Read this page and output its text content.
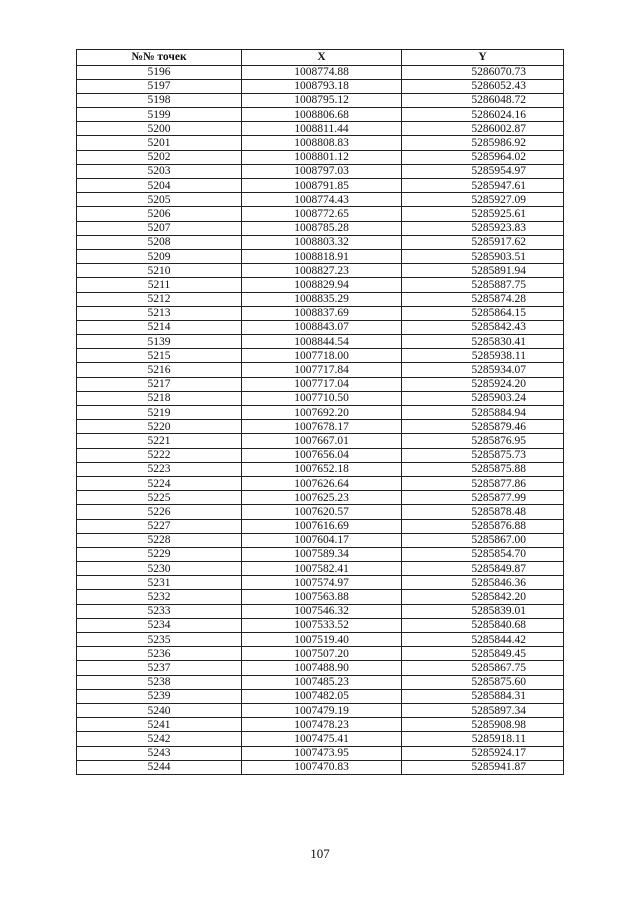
№№ точек	X	Y
5196	1008774.88	5286070.73
5197	1008793.18	5286052.43
5198	1008795.12	5286048.72
5199	1008806.68	5286024.16
5200	1008811.44	5286002.87
5201	1008808.83	5285986.92
5202	1008801.12	5285964.02
5203	1008797.03	5285954.97
5204	1008791.85	5285947.61
5205	1008774.43	5285927.09
5206	1008772.65	5285925.61
5207	1008785.28	5285923.83
5208	1008803.32	5285917.62
5209	1008818.91	5285903.51
5210	1008827.23	5285891.94
5211	1008829.94	5285887.75
5212	1008835.29	5285874.28
5213	1008837.69	5285864.15
5214	1008843.07	5285842.43
5139	1008844.54	5285830.41
5215	1007718.00	5285938.11
5216	1007717.84	5285934.07
5217	1007717.04	5285924.20
5218	1007710.50	5285903.24
5219	1007692.20	5285884.94
5220	1007678.17	5285879.46
5221	1007667.01	5285876.95
5222	1007656.04	5285875.73
5223	1007652.18	5285875.88
5224	1007626.64	5285877.86
5225	1007625.23	5285877.99
5226	1007620.57	5285878.48
5227	1007616.69	5285876.88
5228	1007604.17	5285867.00
5229	1007589.34	5285854.70
5230	1007582.41	5285849.87
5231	1007574.97	5285846.36
5232	1007563.88	5285842.20
5233	1007546.32	5285839.01
5234	1007533.52	5285840.68
5235	1007519.40	5285844.42
5236	1007507.20	5285849.45
5237	1007488.90	5285867.75
5238	1007485.23	5285875.60
5239	1007482.05	5285884.31
5240	1007479.19	5285897.34
5241	1007478.23	5285908.98
5242	1007475.41	5285918.11
5243	1007473.95	5285924.17
5244	1007470.83	5285941.87
107
